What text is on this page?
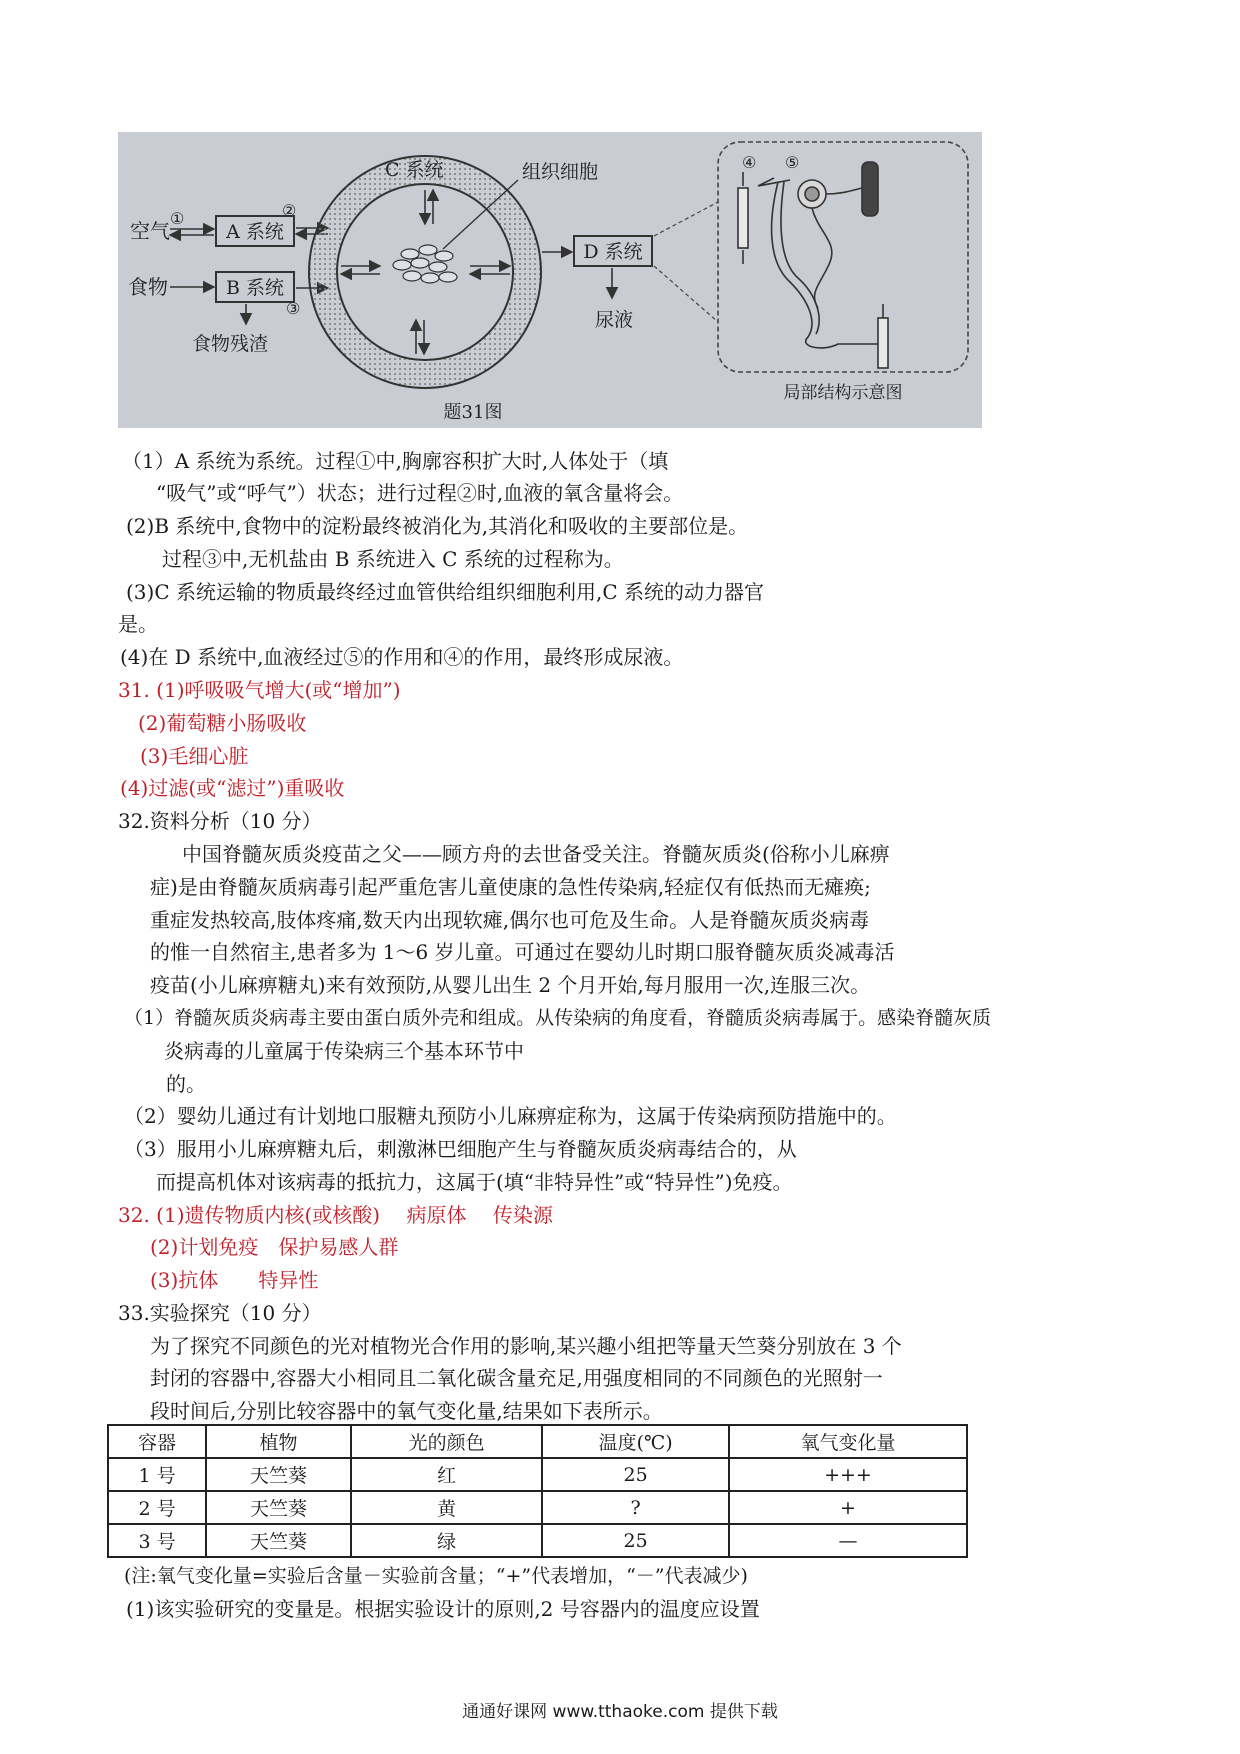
A 系统
B 系统
空气
食物
①
食物残渣
②
③
C 系统	组织细胞
D 系统
尿液
④ ⑤
局部结构示意图
题31图
（1）A 系统为系统。过程①中,胸廓容积扩大时,人体处于（填
“吸气”或“呼气”）状态；进行过程②时,血液的氧含量将会。
(2)B 系统中,食物中的淀粉最终被消化为,其消化和吸收的主要部位是。
过程③中,无机盐由 B 系统进入 C 系统的过程称为。
(3)C 系统运输的物质最终经过血管供给组织细胞利用,C 系统的动力器官
是。
(4)在 D 系统中,血液经过⑤的作用和④的作用，最终形成尿液。
31. (1)呼吸吸气增大(或“增加”)
(2)葡萄糖小肠吸收
(3)毛细心脏
(4)过滤(或“滤过”)重吸收
32.资料分析（10 分）
中国脊髓灰质炎疫苗之父——顾方舟的去世备受关注。脊髓灰质炎(俗称小儿麻痹
症)是由脊髓灰质病毒引起严重危害儿童使康的急性传染病,轻症仅有低热而无瘫痪;
重症发热较高,肢体疼痛,数天内出现软瘫,偶尔也可危及生命。人是脊髓灰质炎病毒
的惟一自然宿主,患者多为 1～6 岁儿童。可通过在婴幼儿时期口服脊髓灰质炎减毒活
疫苗(小儿麻痹糖丸)来有效预防,从婴儿出生 2 个月开始,每月服用一次,连服三次。
（1）脊髓灰质炎病毒主要由蛋白质外壳和组成。从传染病的角度看，脊髓质炎病毒属于。感染脊髓灰质
炎病毒的儿童属于传染病三个基本环节中
的。
（2）婴幼儿通过有计划地口服糖丸预防小儿麻痹症称为，这属于传染病预防措施中的。
（3）服用小儿麻痹糖丸后，刺激淋巴细胞产生与脊髓灰质炎病毒结合的，从
而提高机体对该病毒的抵抗力，这属于(填“非特异性”或“特异性”)免疫。
32. (1)遗传物质内核(或核酸)　 病原体　 传染源
(2)计划免疫　保护易感人群
(3)抗体　　特异性
33.实验探究（10 分）
为了探究不同颜色的光对植物光合作用的影响,某兴趣小组把等量天竺葵分别放在 3 个
封闭的容器中,容器大小相同且二氧化碳含量充足,用强度相同的不同颜色的光照射一
段时间后,分别比较容器中的氧气变化量,结果如下表所示。
容器	植物	光的颜色	温度(℃)	氧气变化量
1 号	天竺葵	红	25	+++
2 号	天竺葵	黄	?	+
3 号	天竺葵	绿	25	—
(注:氧气变化量=实验后含量－实验前含量；“+”代表增加，“－”代表减少)
(1)该实验研究的变量是。根据实验设计的原则,2 号容器内的温度应设置
通通好课网 www.tthaoke.com 提供下载
